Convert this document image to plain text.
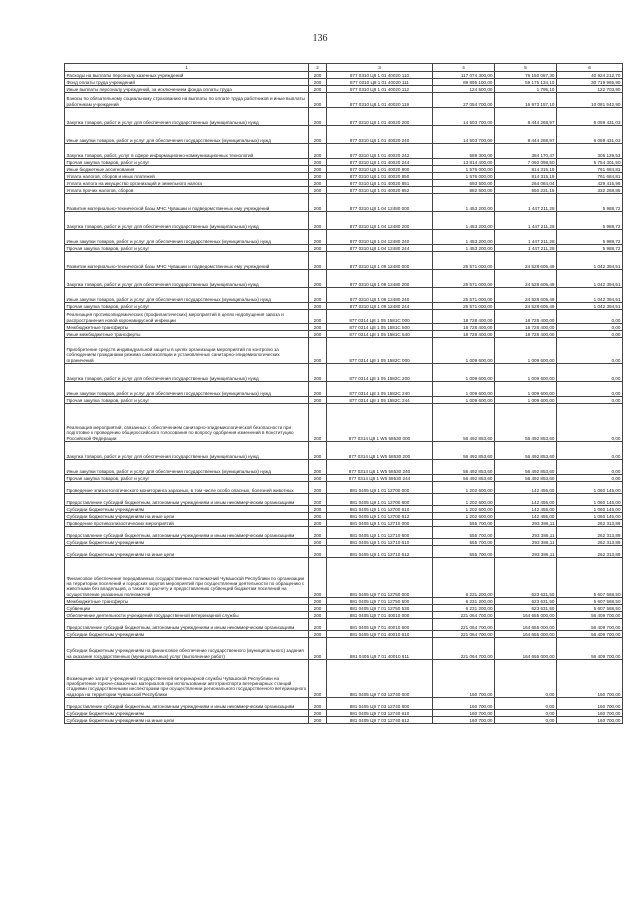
136
1	2	3	4	5	6
Расходы на выплаты персоналу казенных учреждений	200	877 0310 Ц8 1 01 40020 110	117 074 300,00	76 150 087,30	40 924 212,70
Фонд оплаты труда учреждений	200	877 0310 Ц8 1 01 40020 111	89 895 100,00	59 175 134,10	30 719 965,90
Иные выплаты персоналу учреждений, за исключением фонда оплаты труда	200	877 0310 Ц8 1 01 40020 112	124 500,00	1 795,10	122 703,90
Взносы по обязательному социальному страхованию на выплаты по оплате труда работников и иные выплаты работникам учреждений	200	877 0310 Ц8 1 01 40020 119	27 054 700,00	16 973 157,10	10 081 542,90
Закупка товаров, работ и услуг для обеспечения государственных (муниципальных) нужд	200	877 0310 Ц8 1 01 40020 200	14 503 700,00	8 444 268,97	6 059 431,03
Иные закупки товаров, работ и услуг для обеспечения государственных (муниципальных) нужд	200	877 0310 Ц8 1 01 40020 240	14 503 700,00	8 444 268,97	6 059 431,03
Закупка товаров, работ, услуг в сфере информационно-коммуникационных технологий	200	877 0310 Ц8 1 01 40020 242	689 300,00	384 170,47	305 129,53
Прочая закупка товаров, работ и услуг	200	877 0310 Ц8 1 01 40020 244	13 814 400,00	7 060 098,50	5 754 301,50
Иные бюджетные ассигнования	200	877 0310 Ц8 1 01 40020 800	1 576 000,00	814 315,19	761 684,81
Уплата налогов, сборов и иных платежей	200	877 0310 Ц8 1 01 40020 850	1 576 000,00	814 315,19	761 684,81
Уплата налога на имущество организаций и земельного налога	200	877 0310 Ц8 1 01 40020 851	693 500,00	264 084,04	429 415,96
Уплата прочих налогов, сборов	200	877 0310 Ц8 1 01 40020 852	882 500,00	550 231,15	332 268,85
Развитие материально-технической базы МЧС Чувашии и подведомственных ему учреждений	200	877 0310 Ц8 1 04 12480 000	1 453 200,00	1 447 211,28	5 988,72
Закупка товаров, работ и услуг для обеспечения государственных (муниципальных) нужд	200	877 0310 Ц8 1 04 12480 200	1 453 200,00	1 447 211,28	5 988,72
Иные закупки товаров, работ и услуг для обеспечения государственных (муниципальных) нужд	200	877 0310 Ц8 1 04 12480 240	1 453 200,00	1 447 211,28	5 988,72
Прочая закупка товаров, работ и услуг	200	877 0310 Ц8 1 04 12480 244	1 453 200,00	1 447 211,28	5 988,72
Развитие материально-технической базы МЧС Чувашии и подведомственных ему учреждений	200	877 0310 Ц8 1 09 12480 000	25 571 000,00	24 528 605,49	1 042 394,51
Закупка товаров, работ и услуг для обеспечения государственных (муниципальных) нужд	200	877 0310 Ц8 1 09 12480 200	25 571 000,00	24 528 605,49	1 042 394,51
Иные закупки товаров, работ и услуг для обеспечения государственных (муниципальных) нужд	200	877 0310 Ц8 1 09 12480 240	25 571 000,00	24 528 605,49	1 042 394,51
Прочая закупка товаров, работ и услуг	200	877 0310 Ц8 1 09 12480 244	25 571 000,00	24 528 605,49	1 042 394,51
Реализация противоэпидемических (профилактических) мероприятий в целях недопущения завоза и распространения новой коронавирусной инфекции	200	877 0314 Ц8 1 05 1581С 000	18 728 400,00	18 728 400,00	0,00
Межбюджетные трансферты	200	877 0314 Ц8 1 05 1581С 500	18 728 400,00	18 728 400,00	0,00
Иные межбюджетные трансферты	200	877 0314 Ц8 1 05 1581С 540	18 728 400,00	18 728 400,00	0,00
Приобретение средств индивидуальной защиты в целях организации мероприятий по контролю за соблюдением гражданами режима самоизоляции и установленных санитарно-эпидемиологических ограничений	200	877 0314 Ц8 1 05 1582С 000	1 009 600,00	1 009 600,00	0,00
Закупка товаров, работ и услуг для обеспечения государственных (муниципальных) нужд	200	877 0314 Ц8 1 05 1582С 200	1 009 600,00	1 009 600,00	0,00
Иные закупки товаров, работ и услуг для обеспечения государственных (муниципальных) нужд	200	877 0314 Ц8 1 05 1582С 240	1 009 600,00	1 009 600,00	0,00
Прочая закупка товаров, работ и услуг	200	877 0314 Ц8 1 05 1582С 244	1 009 600,00	1 009 600,00	0,00
Реализация мероприятий, связанных с обеспечением санитарно-эпидемиологической безопасности при подготовке к проведению общероссийского голосования по вопросу одобрения изменений в Конституцию Российской Федерации	200	877 0314 Ц8 1 W5 58530 000	56 492 853,60	56 492 853,60	0,00
Закупка товаров, работ и услуг для обеспечения государственных (муниципальных) нужд	200	877 0314 Ц8 1 W5 58530 200	56 492 853,60	56 492 853,60	0,00
Иные закупки товаров, работ и услуг для обеспечения государственных (муниципальных) нужд	200	877 0314 Ц8 1 W5 58530 240	56 492 853,60	56 492 853,60	0,00
Прочая закупка товаров, работ и услуг	200	877 0314 Ц8 1 W5 58530 244	56 492 853,60	56 492 853,60	0,00
Проведение эпизоотологического мониторинга заразных, в том числе особо опасных, болезней животных	200	881 0405 Ц9 1 01 12700 000	1 202 600,00	142 455,00	1 060 145,00
Предоставление субсидий бюджетным, автономным учреждениям и иным некоммерческим организациям	200	881 0405 Ц9 1 01 12700 600	1 202 600,00	142 455,00	1 060 145,00
Субсидии бюджетным учреждениям	200	881 0405 Ц9 1 01 12700 610	1 202 600,00	142 455,00	1 060 145,00
Субсидии бюджетным учреждениям на иные цели	200	881 0405 Ц9 1 01 12700 612	1 202 600,00	142 455,00	1 060 145,00
Проведение противоэпизоотических мероприятий	200	881 0405 Ц9 1 01 12710 000	555 700,00	293 386,11	262 313,89
Предоставление субсидий бюджетным, автономным учреждениям и иным некоммерческим организациям	200	881 0405 Ц9 1 01 12710 600	555 700,00	293 386,11	262 313,89
Субсидии бюджетным учреждениям	200	881 0405 Ц9 1 01 12710 610	555 700,00	293 386,11	262 313,89
Субсидии бюджетным учреждениям на иные цели	200	881 0405 Ц9 1 01 12710 612	555 700,00	293 386,11	262 313,89
Финансовое обеспечение передаваемых государственных полномочий Чувашской Республики по организации на территории поселений и городских округов мероприятий при осуществлении деятельности по обращению с животными без владельцев, а также по расчету и предоставлению субвенций бюджетам поселений на осуществление указанных полномочий	200	881 0405 Ц9 7 01 12750 000	6 231 200,00	623 631,50	5 607 568,50
Межбюджетные трансферты	200	881 0405 Ц9 7 01 12750 500	6 231 200,00	623 631,50	5 607 568,50
Субвенции	200	881 0405 Ц9 7 01 12750 530	6 231 200,00	623 631,50	5 607 568,50
Обеспечение деятельности учреждений государственной ветеринарной службы	200	881 0405 Ц9 7 01 40010 000	221 064 700,00	164 655 000,00	56 409 700,00
Предоставление субсидий бюджетным, автономным учреждениям и иным некоммерческим организациям	200	881 0405 Ц9 7 01 40010 600	221 064 700,00	164 655 000,00	56 409 700,00
Субсидии бюджетным учреждениям	200	881 0405 Ц9 7 01 40010 610	221 064 700,00	164 655 000,00	56 409 700,00
Субсидии бюджетным учреждениям на финансовое обеспечение государственного (муниципального) задания на оказание государственных (муниципальных) услуг (выполнение работ)	200	881 0405 Ц9 7 01 40010 611	221 064 700,00	164 655 000,00	56 409 700,00
Возмещение затрат учреждений государственной ветеринарной службы Чувашской Республики на приобретение горюче-смазочных материалов при использовании автотранспорта ветеринарных станций стадиями государственными инспекторами при осуществлении регионального государственного ветеринарного надзора на территории Чувашской Республики	200	881 0405 Ц9 7 03 12740 000	160 700,00	0,00	160 700,00
Предоставление субсидий бюджетным, автономным учреждениям и иным некоммерческим организациям	200	881 0405 Ц9 7 03 12740 600	160 700,00	0,00	160 700,00
Субсидии бюджетным учреждениям	200	881 0405 Ц9 7 03 12740 610	160 700,00	0,00	160 700,00
Субсидии бюджетным учреждениям на иные цели	200	881 0405 Ц9 7 03 12740 612	160 700,00	0,00	160 700,00
